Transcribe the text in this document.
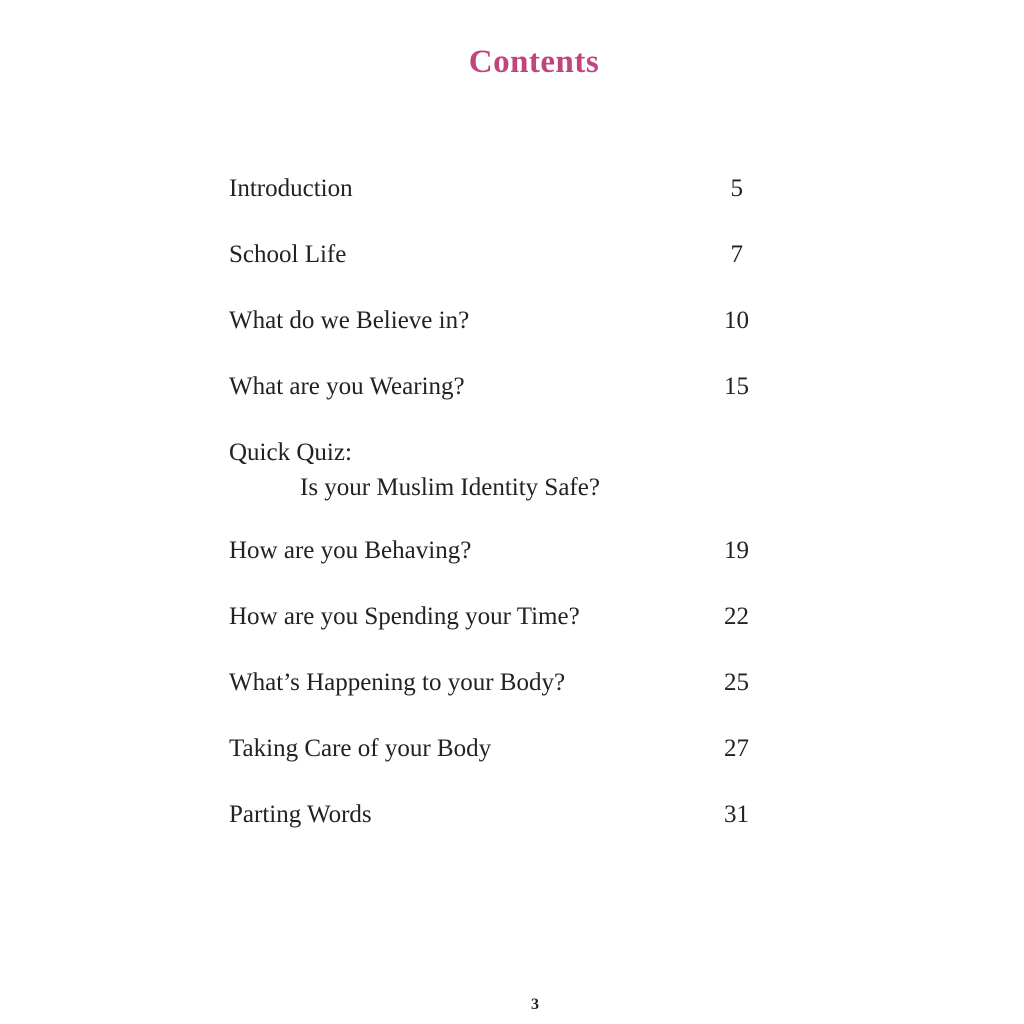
Contents
Introduction	5
School Life	7
What do we Believe in?	10
What are you Wearing?	15
Quick Quiz:
Is your Muslim Identity Safe?
How are you Behaving?	19
How are you Spending your Time?	22
What’s Happening to your Body?	25
Taking Care of your Body	27
Parting Words	31
3
